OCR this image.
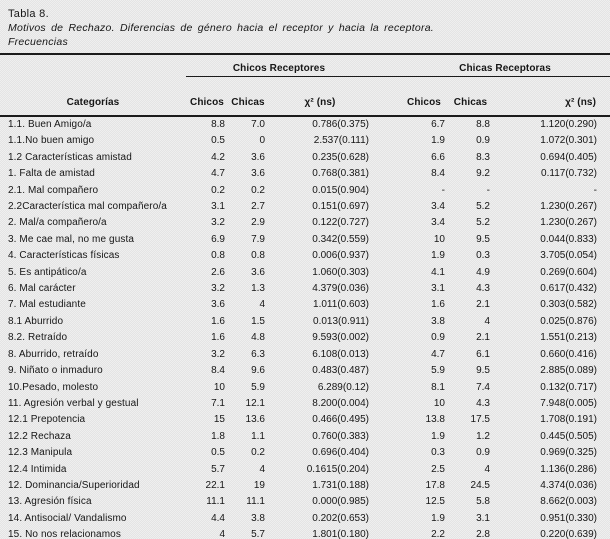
Tabla 8.
Motivos de Rechazo. Diferencias de género hacia el receptor y hacia la receptora.
Frecuencias
	Chicos Receptores				Chicas Receptoras		
Categorías	Chicos	Chicas	χ² (ns)		Chicos	Chicas	χ² (ns)
1.1. Buen Amigo/a	8.8	7.0	0.786(0.375)		6.7	8.8	1.120(0.290)
1.1.No buen amigo	0.5	0	2.537(0.111)		1.9	0.9	1.072(0.301)
1.2 Características amistad	4.2	3.6	0.235(0.628)		6.6	8.3	0.694(0.405)
1. Falta de amistad	4.7	3.6	0.768(0.381)		8.4	9.2	0.117(0.732)
2.1. Mal compañero	0.2	0.2	0.015(0.904)		-	-	-
2.2Característica mal compañero/a	3.1	2.7	0.151(0.697)		3.4	5.2	1.230(0.267)
2. Mal/a compañero/a	3.2	2.9	0.122(0.727)		3.4	5.2	1.230(0.267)
3. Me cae mal, no me gusta	6.9	7.9	0.342(0.559)		10	9.5	0.044(0.833)
4. Características físicas	0.8	0.8	0.006(0.937)		1.9	0.3	3.705(0.054)
5. Es antipático/a	2.6	3.6	1.060(0.303)		4.1	4.9	0.269(0.604)
6. Mal carácter	3.2	1.3	4.379(0.036)		3.1	4.3	0.617(0.432)
7. Mal estudiante	3.6	4	1.011(0.603)		1.6	2.1	0.303(0.582)
8.1 Aburrido	1.6	1.5	0.013(0.911)		3.8	4	0.025(0.876)
8.2. Retraído	1.6	4.8	9.593(0.002)		0.9	2.1	1.551(0.213)
8. Aburrido, retraído	3.2	6.3	6.108(0.013)		4.7	6.1	0.660(0.416)
9. Niñato o inmaduro	8.4	9.6	0.483(0.487)		5.9	9.5	2.885(0.089)
10.Pesado, molesto	10	5.9	6.289(0.12)		8.1	7.4	0.132(0.717)
11. Agresión verbal y gestual	7.1	12.1	8.200(0.004)		10	4.3	7.948(0.005)
12.1 Prepotencia	15	13.6	0.466(0.495)		13.8	17.5	1.708(0.191)
12.2 Rechaza	1.8	1.1	0.760(0.383)		1.9	1.2	0.445(0.505)
12.3 Manipula	0.5	0.2	0.696(0.404)		0.3	0.9	0.969(0.325)
12.4 Intimida	5.7	4	0.1615(0.204)		2.5	4	1.136(0.286)
12. Dominancia/Superioridad	22.1	19	1.731(0.188)		17.8	24.5	4.374(0.036)
13. Agresión física	11.1	11.1	0.000(0.985)		12.5	5.8	8.662(0.003)
14. Antisocial/ Vandalismo	4.4	3.8	0.202(0.653)		1.9	3.1	0.951(0.330)
15. No nos relacionamos	4	5.7	1.801(0.180)		2.2	2.8	0.220(0.639)
